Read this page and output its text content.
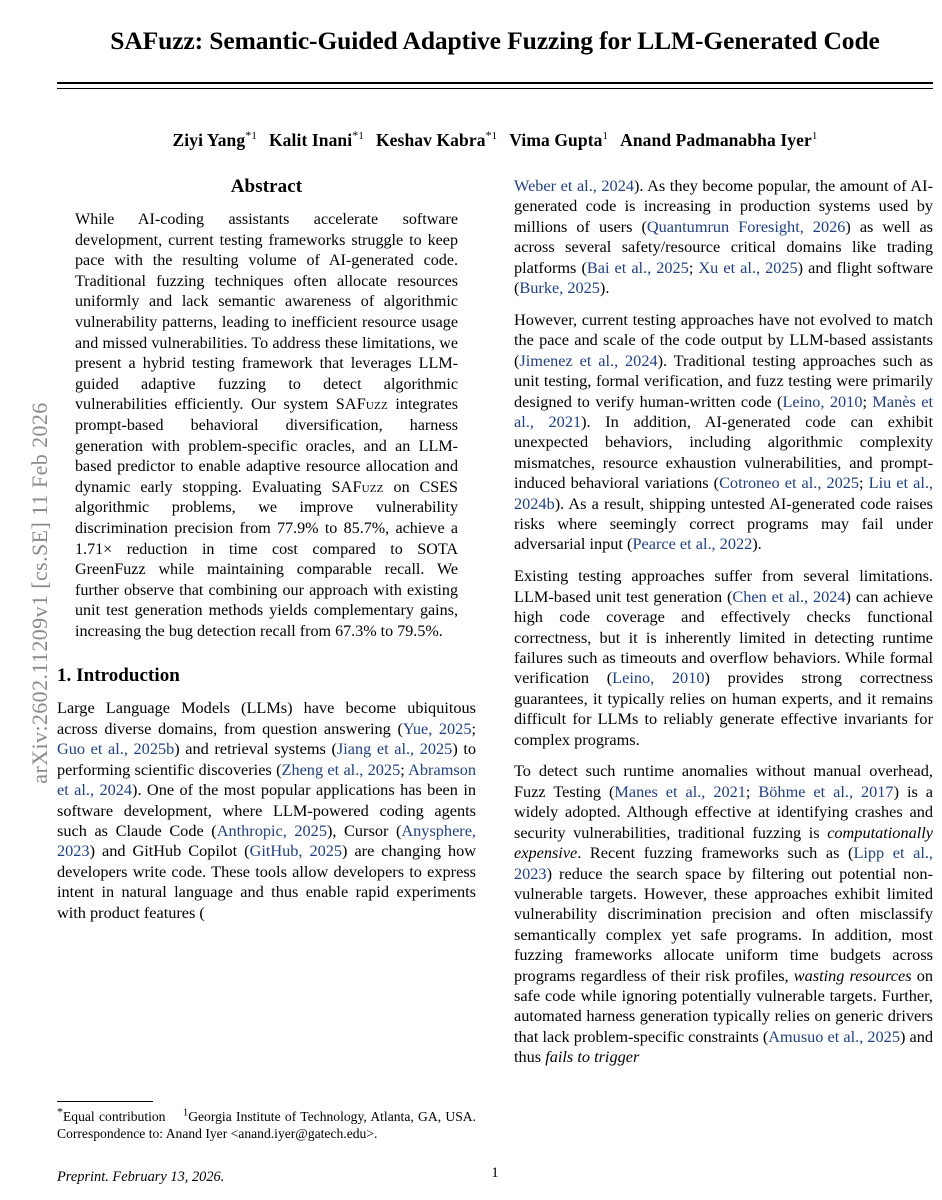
arXiv:2602.11209v1 [cs.SE] 11 Feb 2026
SAFuzz: Semantic-Guided Adaptive Fuzzing for LLM-Generated Code
Ziyi Yang$^{*1}$ Kalit Inani$^{*1}$ Keshav Kabra$^{*1}$ Vima Gupta$^1$ Anand Padmanabha Iyer$^1$
Abstract

While AI-coding assistants accelerate software development, current testing frameworks struggle to keep pace with the resulting volume of AI-generated code. Traditional fuzzing techniques often allocate resources uniformly and lack semantic awareness of algorithmic vulnerability patterns, leading to inefficient resource usage and missed vulnerabilities. To address these limitations, we present a hybrid testing framework that leverages LLM-guided adaptive fuzzing to detect algorithmic vulnerabilities efficiently. Our system SAFuzz integrates prompt-based behavioral diversification, harness generation with problem-specific oracles, and an LLM-based predictor to enable adaptive resource allocation and dynamic early stopping. Evaluating SAFuzz on CSES algorithmic problems, we improve vulnerability discrimination precision from 77.9% to 85.7%, achieve a 1.71× reduction in time cost compared to SOTA GreenFuzz while maintaining comparable recall. We further observe that combining our approach with existing unit test generation methods yields complementary gains, increasing the bug detection recall from 67.3% to 79.5%.

1. Introduction

Large Language Models (LLMs) have become ubiquitous across diverse domains, from question answering (Yue, 2025; Guo et al., 2025b) and retrieval systems (Jiang et al., 2025) to performing scientific discoveries (Zheng et al., 2025; Abramson et al., 2024). One of the most popular applications has been in software development, where LLM-powered coding agents such as Claude Code (Anthropic, 2025), Cursor (Anysphere, 2023) and GitHub Copilot (GitHub, 2025) are changing how developers write code. These tools allow developers to express intent in natural language and thus enable rapid experiments with product features (

*Equal contribution $^1$Georgia Institute of Technology, Atlanta, GA, USA. Correspondence to: Anand Iyer <anand.iyer@gatech.edu>.

Preprint. February 13, 2026.

Weber et al., 2024). As they become popular, the amount of AI-generated code is increasing in production systems used by millions of users (Quantumrun Foresight, 2026) as well as across several safety/resource critical domains like trading platforms (Bai et al., 2025; Xu et al., 2025) and flight software (Burke, 2025).

However, current testing approaches have not evolved to match the pace and scale of the code output by LLM-based assistants (Jimenez et al., 2024). Traditional testing approaches such as unit testing, formal verification, and fuzz testing were primarily designed to verify human-written code (Leino, 2010; Manès et al., 2021). In addition, AI-generated code can exhibit unexpected behaviors, including algorithmic complexity mismatches, resource exhaustion vulnerabilities, and prompt-induced behavioral variations (Cotroneo et al., 2025; Liu et al., 2024b). As a result, shipping untested AI-generated code raises risks where seemingly correct programs may fail under adversarial input (Pearce et al., 2022).

Existing testing approaches suffer from several limitations. LLM-based unit test generation (Chen et al., 2024) can achieve high code coverage and effectively checks functional correctness, but it is inherently limited in detecting runtime failures such as timeouts and overflow behaviors. While formal verification (Leino, 2010) provides strong correctness guarantees, it typically relies on human experts, and it remains difficult for LLMs to reliably generate effective invariants for complex programs.

To detect such runtime anomalies without manual overhead, Fuzz Testing (Manes et al., 2021; Böhme et al., 2017) is a widely adopted. Although effective at identifying crashes and security vulnerabilities, traditional fuzzing is computationally expensive. Recent fuzzing frameworks such as (Lipp et al., 2023) reduce the search space by filtering out potential non-vulnerable targets. However, these approaches exhibit limited vulnerability discrimination precision and often misclassify semantically complex yet safe programs. In addition, most fuzzing frameworks allocate uniform time budgets across programs regardless of their risk profiles, wasting resources on safe code while ignoring potentially vulnerable targets. Further, automated harness generation typically relies on generic drivers that lack problem-specific constraints (Amusuo et al., 2025) and thus fails to trigger

1
